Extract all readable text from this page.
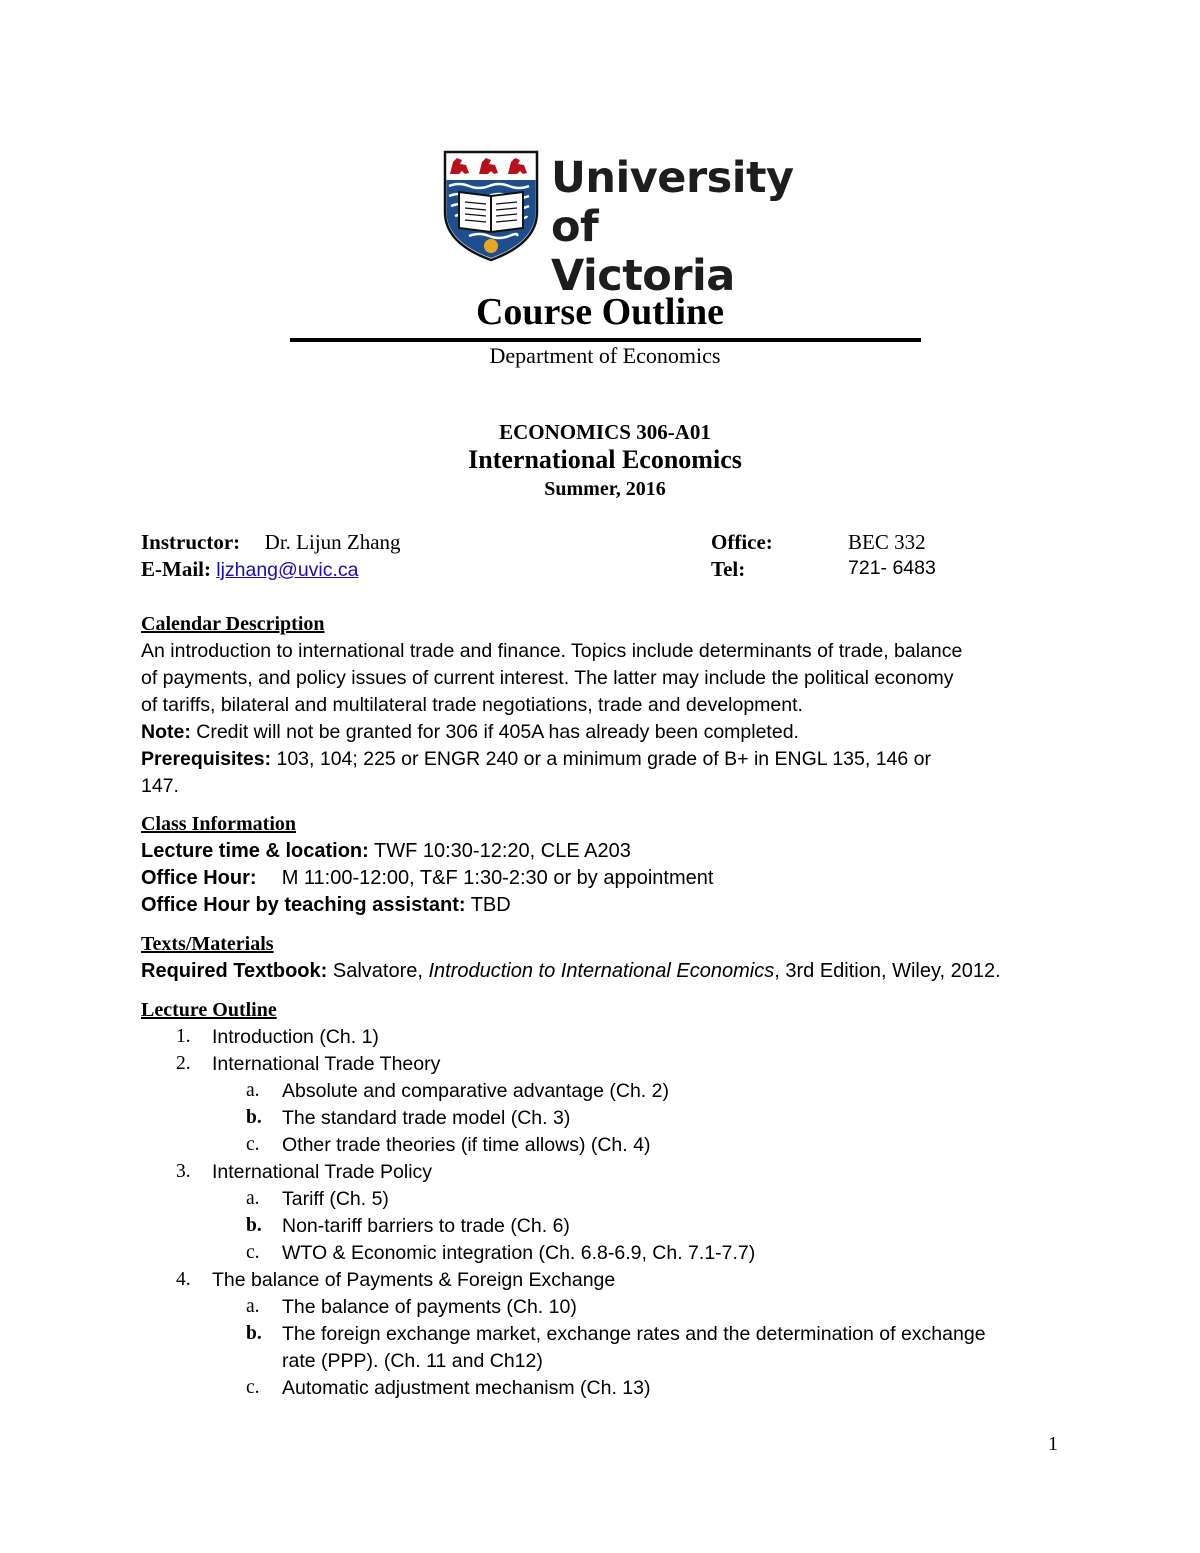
University
of Victoria
Course Outline
Department of Economics
ECONOMICS 306-A01
International Economics
Summer, 2016
Instructor: Dr. Lijun Zhang
E-Mail: ljzhang@uvic.ca
Office:	BEC 332
Tel:	721- 6483
Calendar Description
An introduction to international trade and finance. Topics include determinants of trade, balance
of payments, and policy issues of current interest. The latter may include the political economy
of tariffs, bilateral and multilateral trade negotiations, trade and development.
Note: Credit will not be granted for 306 if 405A has already been completed.
Prerequisites: 103, 104; 225 or ENGR 240 or a minimum grade of B+ in ENGL 135, 146 or
147.
Class Information
Lecture time & location: TWF 10:30-12:20, CLE A203
Office Hour: M 11:00-12:00, T&F 1:30-2:30 or by appointment
Office Hour by teaching assistant: TBD
Texts/Materials
Required Textbook: Salvatore, Introduction to International Economics, 3rd Edition, Wiley, 2012.
Lecture Outline
1. Introduction (Ch. 1)
2. International Trade Theory
a. Absolute and comparative advantage (Ch. 2)
b. The standard trade model (Ch. 3)
c. Other trade theories (if time allows) (Ch. 4)
3. International Trade Policy
a. Tariff (Ch. 5)
b. Non-tariff barriers to trade (Ch. 6)
c. WTO & Economic integration (Ch. 6.8-6.9, Ch. 7.1-7.7)
4. The balance of Payments & Foreign Exchange
a. The balance of payments (Ch. 10)
b. The foreign exchange market, exchange rates and the determination of exchange
rate (PPP). (Ch. 11 and Ch12)
c. Automatic adjustment mechanism (Ch. 13)
1
